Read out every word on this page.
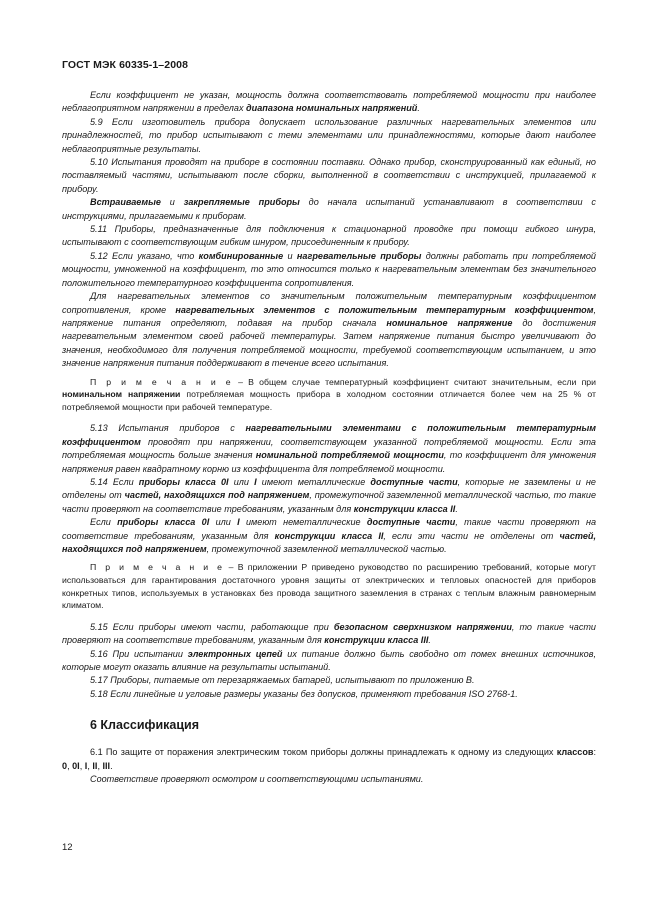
ГОСТ МЭК 60335-1–2008

Если коэффициент не указан, мощность должна соответствовать потребляемой мощности при наиболее неблагоприятном напряжении в пределах диапазона номинальных напряжений.

5.9 Если изготовитель прибора допускает использование различных нагревательных элементов или принадлежностей, то прибор испытывают с теми элементами или принадлежностями, которые дают наиболее неблагоприятные результаты.

5.10 Испытания проводят на приборе в состоянии поставки. Однако прибор, сконструированный как единый, но поставляемый частями, испытывают после сборки, выполненной в соответствии с инструкцией, прилагаемой к прибору.

Встраиваемые и закрепляемые приборы до начала испытаний устанавливают в соответствии с инструкциями, прилагаемыми к приборам.

5.11 Приборы, предназначенные для подключения к стационарной проводке при помощи гибкого шнура, испытывают с соответствующим гибким шнуром, присоединенным к прибору.

5.12 Если указано, что комбинированные и нагревательные приборы должны работать при потребляемой мощности, умноженной на коэффициент, то это относится только к нагревательным элементам без значительного положительного температурного коэффициента сопротивления.

Для нагревательных элементов со значительным положительным температурным коэффициентом сопротивления, кроме нагревательных элементов с положительным температурным коэффициентом, напряжение питания определяют, подавая на прибор сначала номинальное напряжение до достижения нагревательным элементом своей рабочей температуры. Затем напряжение питания быстро увеличивают до значения, необходимого для получения потребляемой мощности, требуемой соответствующим испытанием, и это значение напряжения питания поддерживают в течение всего испытания.

П р и м е ч а н и е – В общем случае температурный коэффициент считают значительным, если при номинальном напряжении потребляемая мощность прибора в холодном состоянии отличается более чем на 25 % от потребляемой мощности при рабочей температуре.

5.13 Испытания приборов с нагревательными элементами с положительным температурным коэффициентом проводят при напряжении, соответствующем указанной потребляемой мощности. Если эта потребляемая мощность больше значения номинальной потребляемой мощности, то коэффициент для умножения напряжения равен квадратному корню из коэффициента для потребляемой мощности.

5.14 Если приборы класса 0I или I имеют металлические доступные части, которые не заземлены и не отделены от частей, находящихся под напряжением, промежуточной заземленной металлической частью, то такие части проверяют на соответствие требованиям, указанным для конструкции класса II.

Если приборы класса 0I или I имеют неметаллические доступные части, такие части проверяют на соответствие требованиям, указанным для конструкции класса II, если эти части не отделены от частей, находящихся под напряжением, промежуточной заземленной металлической частью.

П р и м е ч а н и е – В приложении Р приведено руководство по расширению требований, которые могут использоваться для гарантирования достаточного уровня защиты от электрических и тепловых опасностей для приборов конкретных типов, используемых в установках без провода защитного заземления в странах с теплым влажным равномерным климатом.

5.15 Если приборы имеют части, работающие при безопасном сверхнизком напряжении, то такие части проверяют на соответствие требованиям, указанным для конструкции класса III.

5.16 При испытании электронных цепей их питание должно быть свободно от помех внешних источников, которые могут оказать влияние на результаты испытаний.

5.17 Приборы, питаемые от перезаряжаемых батарей, испытывают по приложению B.

5.18 Если линейные и угловые размеры указаны без допусков, применяют требования ISO 2768-1.

6 Классификация

6.1 По защите от поражения электрическим током приборы должны принадлежать к одному из следующих классов: 0, 0I, I, II, III.

Соответствие проверяют осмотром и соответствующими испытаниями.

12
